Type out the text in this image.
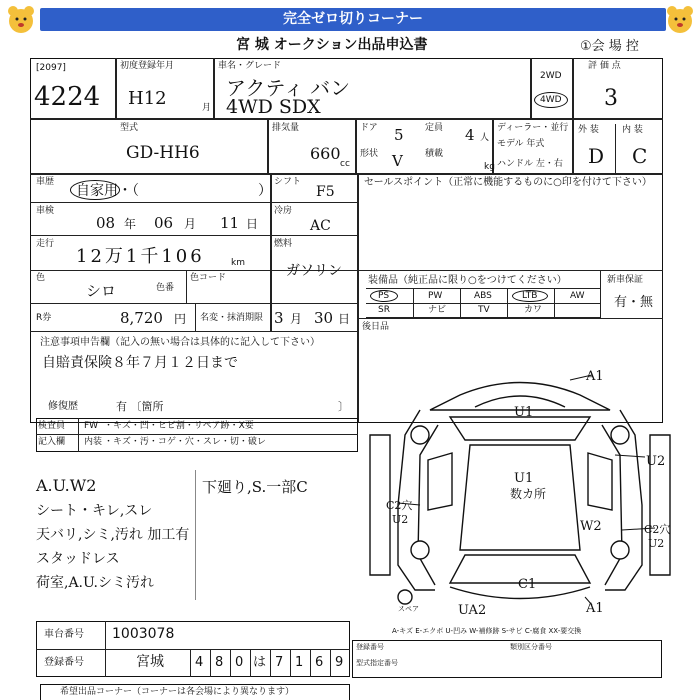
完全ゼロ切りコーナー
宮 城 オークション出品申込書	①会 場 控
[2097]
4224
初度登録年月
H12	月
車名・グレード
アクティ バン
4WD SDX
2WD
4WD
評 価 点
3
型式
GD-HH6
排気量
660
cc
ドア 5 定員 4 人
形状 V 積載
kg
ディーラー・並行
モデル 年式
ハンドル 左・右
外 装	内 装
D C
車歴
自家用・（	）
シフト
F5
セールスポイント（正常に機能するものに○印を付けて下さい）
車検
08 年 06 月 11 日
冷房
AC
走行
12万1千106	km
燃料
ガソリン
色
シロ	色番
色コード
R券	8,720 円 名変・抹消期限 3 月 30 日
装備品（純正品に限り○をつけてください）	新車保証
有・無
PS	PW	ABS	LTB	AW
SR	ナビ	TV	カワ
後日品
注意事項申告欄（記入の無い場合は具体的に記入して下さい）
自賠責保険８年７月１２日まで
修復歴	有 〔箇所	〕
検査員
記入欄
FW ・キズ・凹・ヒビ割・リペア跡・X要
内装 ・キズ・汚・コゲ・穴・スレ・切・破レ
A.U.W2
シート・キレ,スレ
天バリ,シミ,汚れ 加工有
スタッドレス
荷室,A.U.シミ汚れ
下廻り,S.一部C
A1
U1
U2
U1
数カ所
C2穴
U2	W2	C2穴
U2
C1
UA2	A1
スペア
A-キズ E-エクボ U-凹み W-補修跡 S-サビ C-腐食 XX-要交換
車台番号 1003078
登録番号	宮城 4 8 0 は 7 1 6 9
登録番号
型式指定番号
類別区分番号
希望出品コーナー（コーナーは各会場により異なります）
